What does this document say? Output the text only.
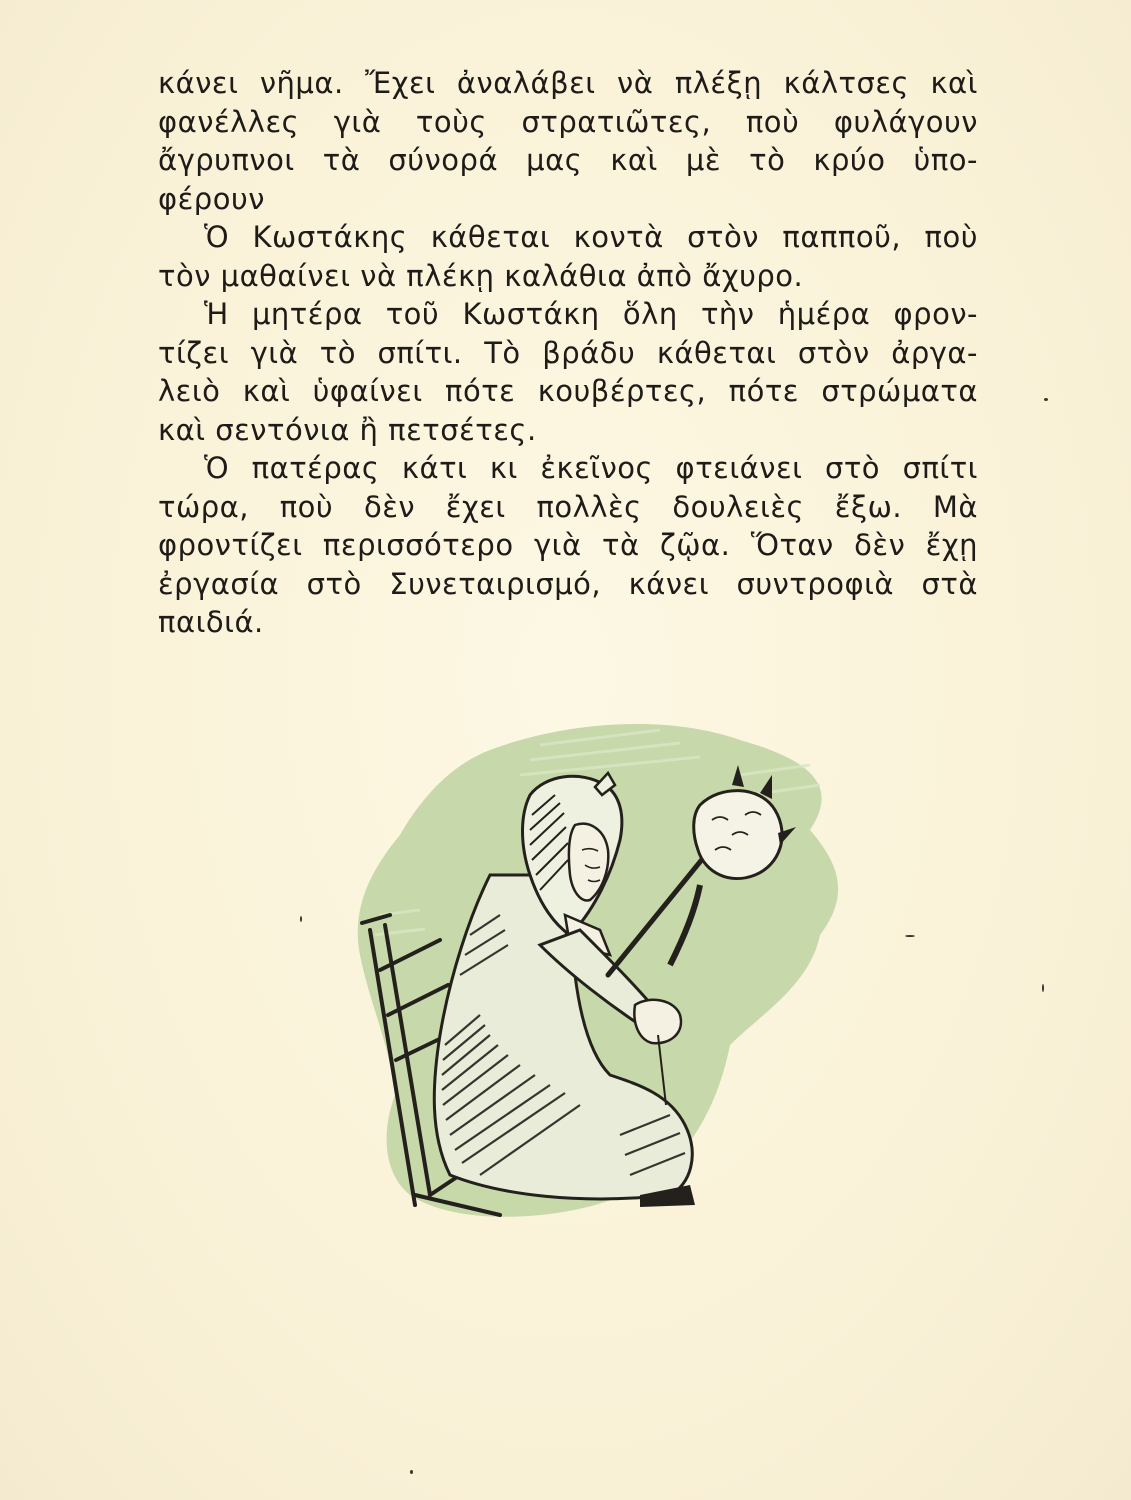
κάνει νῆμα. Ἔχει ἀναλάβει νὰ πλέξῃ κάλτσες καὶ
φανέλλες γιὰ τοὺς στρατιῶτες, ποὺ φυλάγουν
ἄγρυπνοι τὰ σύνορά μας καὶ μὲ τὸ κρύο ὑπο-
φέρουν
Ὁ Κωστάκης κάθεται κοντὰ στὸν παπποῦ, ποὺ
τὸν μαθαίνει νὰ πλέκῃ καλάθια ἀπὸ ἄχυρο.
Ἡ μητέρα τοῦ Κωστάκη ὅλη τὴν ἡμέρα φρον-
τίζει γιὰ τὸ σπίτι. Τὸ βράδυ κάθεται στὸν ἀργα-
λειὸ καὶ ὑφαίνει πότε κουβέρτες, πότε στρώματα
καὶ σεντόνια ἢ πετσέτες.
Ὁ πατέρας κάτι κι ἐκεῖνος φτειάνει στὸ σπίτι
τώρα, ποὺ δὲν ἔχει πολλὲς δουλειὲς ἔξω. Μὰ
φροντίζει περισσότερο γιὰ τὰ ζῷα. Ὅταν δὲν ἔχῃ
ἐργασία στὸ Συνεταιρισμό, κάνει συντροφιὰ στὰ
παιδιά.
